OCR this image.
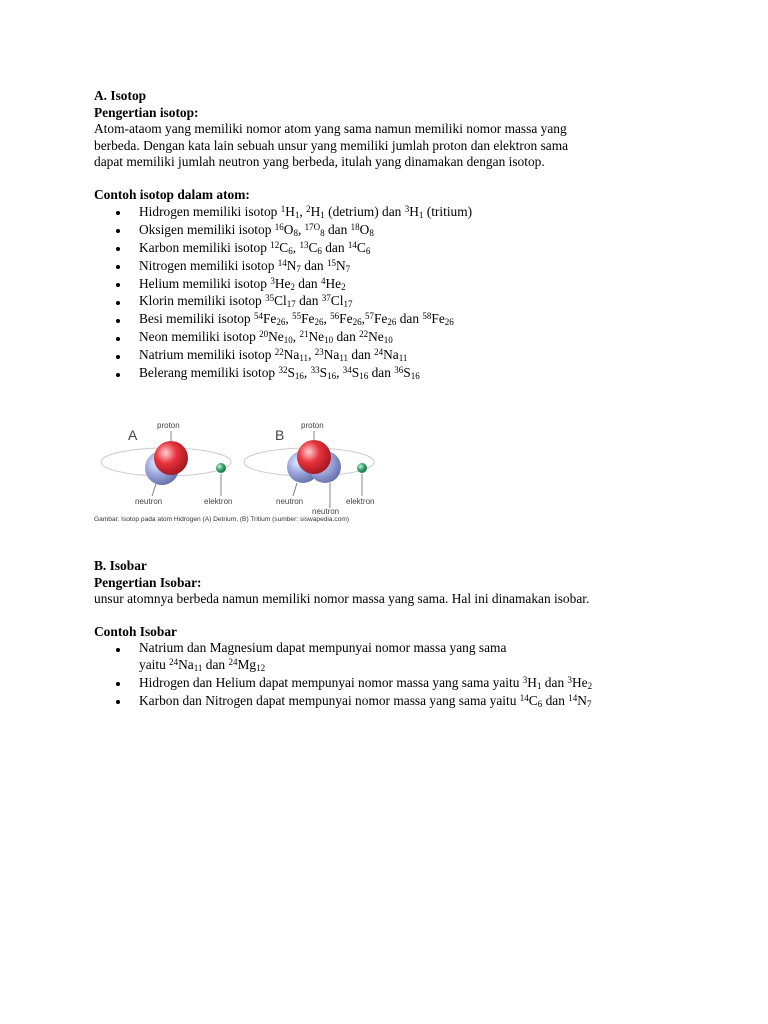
A. Isotop
Pengertian isotop:
Atom-ataom yang memiliki nomor atom yang sama namun memiliki nomor massa yang
berbeda. Dengan kata lain sebuah unsur yang memiliki jumlah proton dan elektron sama
dapat memiliki jumlah neutron yang berbeda, itulah yang dinamakan dengan isotop.
Contoh isotop dalam atom:
Hidrogen memiliki isotop $^1H_1$, $^2H_1$ (detrium) dan $^3H_1$ (tritium)
Oksigen memiliki isotop $^{16}O_8$, $^{17O}_8$ dan $^{18}O_8$
Karbon memiliki isotop $^{12}C_6$, $^{13}C_6$ dan $^{14}C_6$
Nitrogen memiliki isotop $^{14}N_7$ dan $^{15}N_7$
Helium memiliki isotop $^3He_2$ dan $^4He_2$
Klorin memiliki isotop $^{35}Cl_{17}$ dan $^{37}Cl_{17}$
Besi memiliki isotop $^{54}Fe_{26}$, $^{55}Fe_{26}$, $^{56}Fe_{26},^{57}Fe_{26}$ dan $^{58}Fe_{26}$
Neon memiliki isotop $^{20}Ne_{10}$, $^{21}Ne_{10}$ dan $^{22}Ne_{10}$
Natrium memiliki isotop $^{22}Na_{11}$, $^{23}Na_{11}$ dan $^{24}Na_{11}$
Belerang memiliki isotop $^{32}S_{16}$, $^{33}S_{16}$, $^{34}S_{16}$ dan $^{36}S_{16}$
A
proton
neutron	elektron
B
proton
neutron
neutron
elektron
Gambar. Isotop pada atom Hidrogen (A) Detrium, (B) Tritium (sumber: siswapedia.com)
B. Isobar
Pengertian Isobar:
unsur atomnya berbeda namun memiliki nomor massa yang sama. Hal ini dinamakan isobar.
Contoh Isobar
Natrium dan Magnesium dapat mempunyai nomor massa yang sama
yaitu $^{24}Na_{11}$ dan $^{24}Mg_{12}$
Hidrogen dan Helium dapat mempunyai nomor massa yang sama yaitu $^3H_1$ dan $^3He_2$
Karbon dan Nitrogen dapat mempunyai nomor massa yang sama yaitu $^{14}C_6$ dan $^{14}N_7$
